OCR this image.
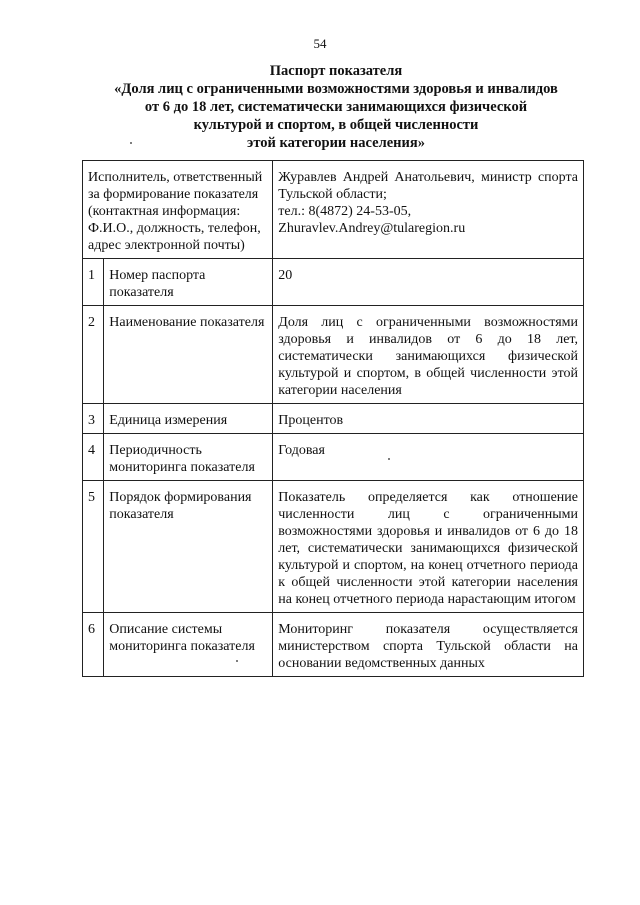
54
Паспорт показателя
«Доля лиц с ограниченными возможностями здоровья и инвалидов
от 6 до 18 лет, систематически занимающихся физической
культурой и спортом, в общей численности
этой категории населения»
Исполнитель, ответственный за формирование показателя (контактная информация: Ф.И.О., должность, телефон, адрес электронной почты)		Журавлев Андрей Анатольевич, министр спорта Тульской области;
тел.: 8(4872) 24-53-05,
Zhuravlev.Andrey@tularegion.ru

1	Номер паспорта показателя	20
2	Наименование показателя	Доля лиц с ограниченными возможностями здоровья и инвалидов от 6 до 18 лет, систематически занимающихся физической культурой и спортом, в общей численности этой категории населения
3	Единица измерения	Процентов
4	Периодичность мониторинга показателя	Годовая
5	Порядок формирования показателя	Показатель определяется как отношение численности лиц с ограниченными возможностями здоровья и инвалидов от 6 до 18 лет, систематически занимающихся физической культурой и спортом, на конец отчетного периода к общей численности этой категории населения на конец отчетного периода нарастающим итогом
6	Описание системы мониторинга показателя	Мониторинг показателя осуществляется министерством спорта Тульской области на основании ведомственных данных
